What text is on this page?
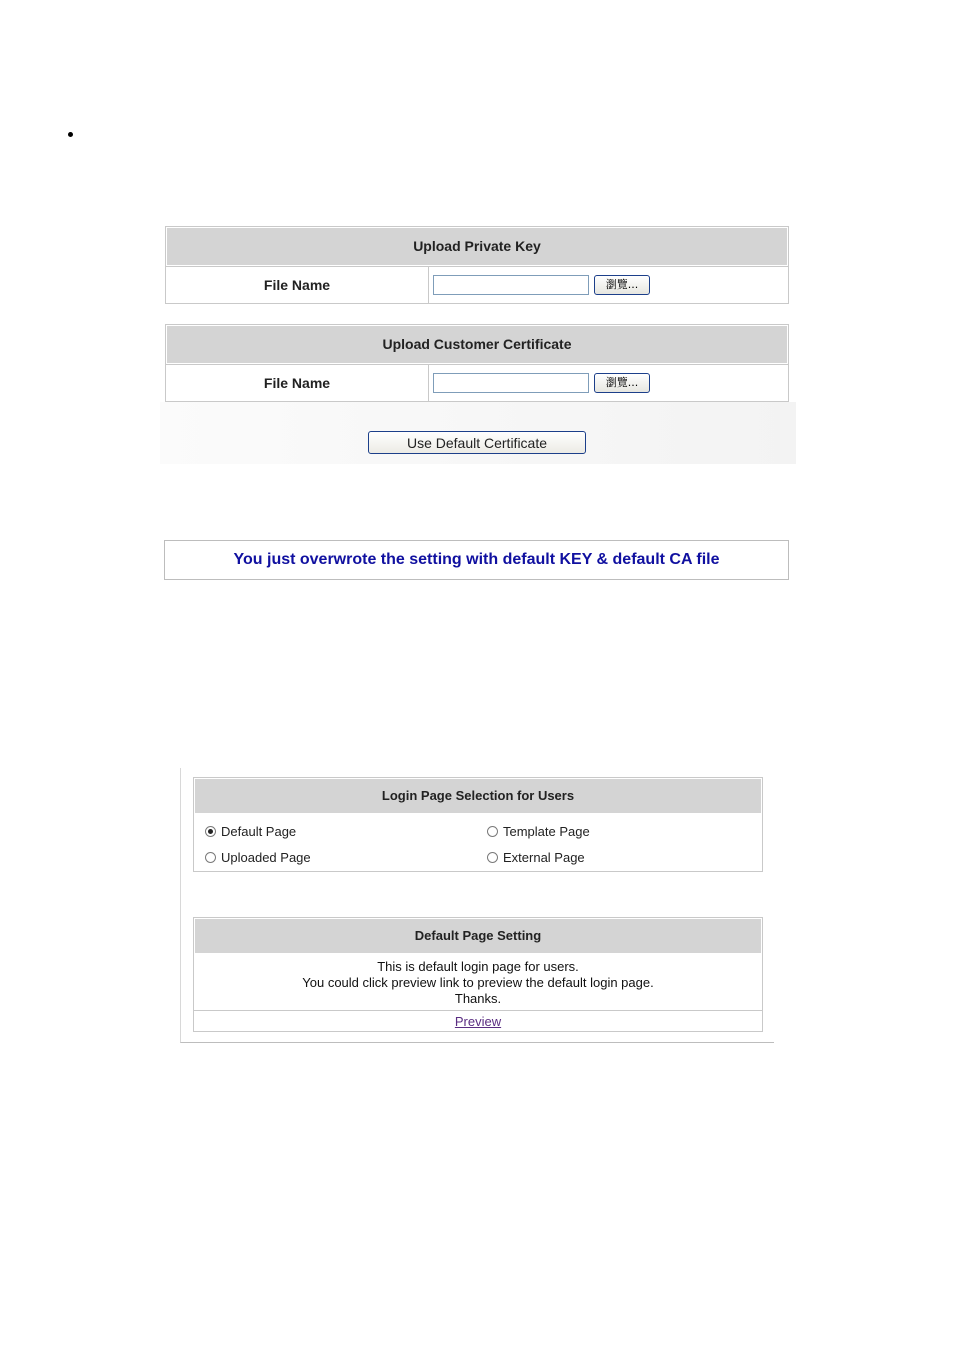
Upload Private Key
File Name	瀏覽...
Upload Customer Certificate
File Name	瀏覽...
Use Default Certificate
You just overwrote the setting with default KEY & default CA file
Login Page Selection for Users
Default Page	Template Page
Uploaded Page	External Page
Default Page Setting
This is default login page for users.
You could click preview link to preview the default login page.
Thanks.
Preview
